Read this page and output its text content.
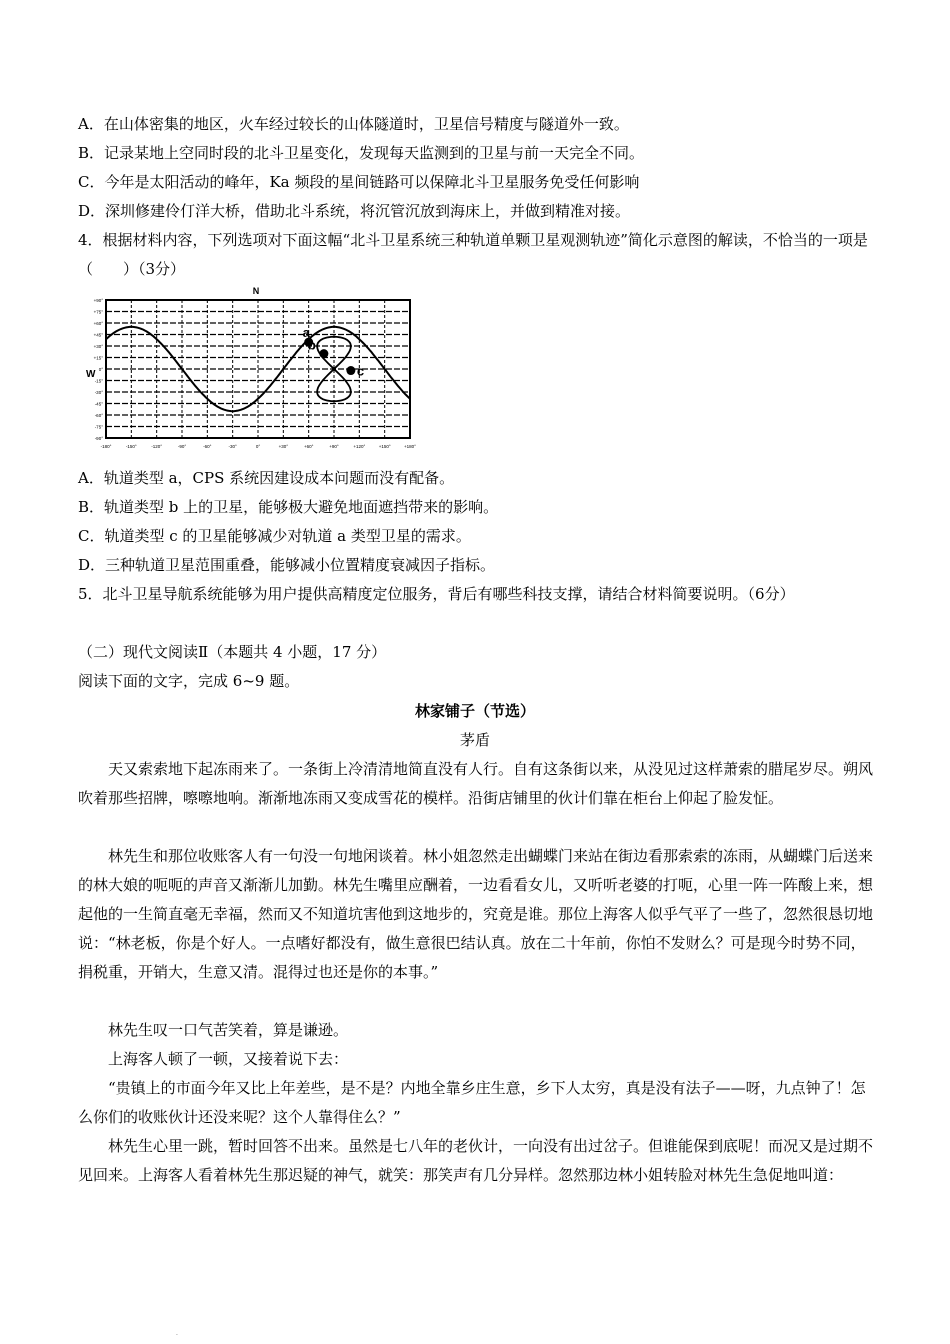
A．在山体密集的地区，火车经过较长的山体隧道时，卫星信号精度与隧道外一致。
B．记录某地上空同时段的北斗卫星变化，发现每天监测到的卫星与前一天完全不同。
C．今年是太阳活动的峰年，Ka 频段的星间链路可以保障北斗卫星服务免受任何影响
D．深圳修建伶仃洋大桥，借助北斗系统，将沉管沉放到海床上，并做到精准对接。
4．根据材料内容，下列选项对下面这幅“北斗卫星系统三种轨道单颗卫星观测轨迹”简化示意图的解读，不恰当的一项是（　　）（3分）
+90°
+75°
+60°
+45°
+30°
+15°
0°
-15°
-30°
-45°
-60°
-75°
-90°
-180°	-150°	-120°	-90°	-60°	-30°	0°	+30°	+60°	+90°	+120°	+150°	+180°
a
b
c
N
W
A．轨道类型 a，CPS 系统因建设成本问题而没有配备。
B．轨道类型 b 上的卫星，能够极大避免地面遮挡带来的影响。
C．轨道类型 c 的卫星能够减少对轨道 a 类型卫星的需求。
D．三种轨道卫星范围重叠，能够减小位置精度衰减因子指标。
5．北斗卫星导航系统能够为用户提供高精度定位服务，背后有哪些科技支撑，请结合材料简要说明。（6分）
（二）现代文阅读Ⅱ（本题共 4 小题，17 分）
阅读下面的文字，完成 6~9 题。
林家铺子（节选）
茅盾
天又索索地下起冻雨来了。一条街上冷清清地简直没有人行。自有这条街以来，从没见过这样萧索的腊尾岁尽。朔风吹着那些招牌，嚓嚓地响。渐渐地冻雨又变成雪花的模样。沿街店铺里的伙计们靠在柜台上仰起了脸发怔。
林先生和那位收账客人有一句没一句地闲谈着。林小姐忽然走出蝴蝶门来站在街边看那索索的冻雨，从蝴蝶门后送来的林大娘的呃呃的声音又渐渐儿加勤。林先生嘴里应酬着，一边看看女儿，又听听老婆的打呃，心里一阵一阵酸上来，想起他的一生简直毫无幸福，然而又不知道坑害他到这地步的，究竟是谁。那位上海客人似乎气平了一些了，忽然很恳切地说：“林老板，你是个好人。一点嗜好都没有，做生意很巴结认真。放在二十年前，你怕不发财么？可是现今时势不同，捐税重，开销大，生意又清。混得过也还是你的本事。”
林先生叹一口气苦笑着，算是谦逊。
上海客人顿了一顿，又接着说下去：
“贵镇上的市面今年又比上年差些，是不是？内地全靠乡庄生意，乡下人太穷，真是没有法子——呀，九点钟了！怎么你们的收账伙计还没来呢？这个人靠得住么？”
林先生心里一跳，暂时回答不出来。虽然是七八年的老伙计，一向没有出过岔子。但谁能保到底呢！而况又是过期不见回来。上海客人看着林先生那迟疑的神气，就笑：那笑声有几分异样。忽然那边林小姐转脸对林先生急促地叫道：
.
